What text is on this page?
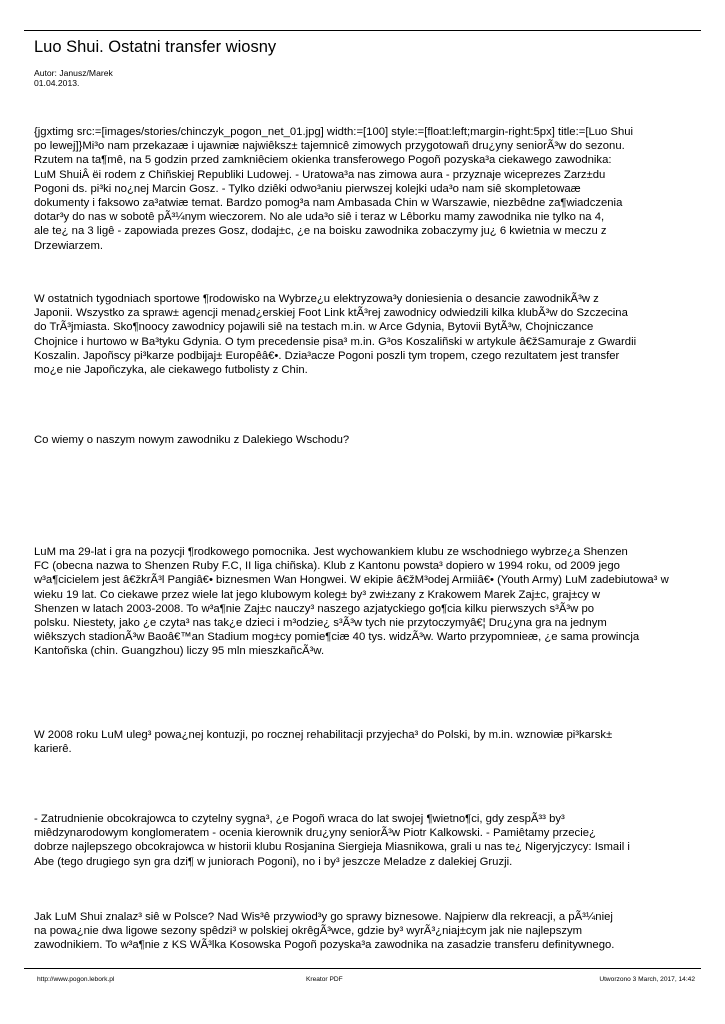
Luo Shui. Ostatni transfer wiosny
Autor: Janusz/Marek
01.04.2013.
{jgxtimg src:=[images/stories/chinczyk_pogon_net_01.jpg] width:=[100] style:=[float:left;margin-right:5px] title:=[Luo Shui
po lewej]}Mi³o nam przekazaæ i ujawniæ najwiêksz± tajemnicê zimowych przygotowañ dru¿yny seniorÃ³w do sezonu.
Rzutem na ta¶mê, na 5 godzin przed zamkniêciem okienka transferowego Pogoñ pozyska³a ciekawego zawodnika:
LuM ShuiÂ ëi rodem z Chiñskiej Republiki Ludowej. - Uratowa³a nas zimowa aura - przyznaje wiceprezes Zarz±du
Pogoni ds. pi³ki no¿nej Marcin Gosz. - Tylko dziêki odwo³aniu pierwszej kolejki uda³o nam siê skompletowaæ
dokumenty i faksowo za³atwiæ temat. Bardzo pomog³a nam Ambasada Chin w Warszawie, niezbêdne za¶wiadczenia
dotar³y do nas w sobotê pÃ³¼nym wieczorem. No ale uda³o siê i teraz w Lêborku mamy zawodnika nie tylko na 4,
ale te¿ na 3 ligê - zapowiada prezes Gosz, dodaj±c, ¿e na boisku zawodnika zobaczymy ju¿ 6 kwietnia w meczu z
Drzewiarzem.
W ostatnich tygodniach sportowe ¶rodowisko na Wybrze¿u elektryzowa³y doniesienia o desancie zawodnikÃ³w z
Japonii. Wszystko za spraw± agencji menad¿erskiej Foot Link ktÃ³rej zawodnicy odwiedzili kilka klubÃ³w do Szczecina
do TrÃ³jmiasta. Sko¶noocy zawodnicy pojawili siê na testach m.in. w Arce Gdynia, Bytovii BytÃ³w, Chojniczance
Chojnice i hurtowo w Ba³tyku Gdynia. O tym precedensie pisa³ m.in. G³os Koszaliñski w artykule â€žSamuraje z Gwardii
Koszalin. Japoñscy pi³karze podbijaj± Europêâ€•. Dzia³acze Pogoni poszli tym tropem, czego rezultatem jest transfer
mo¿e nie Japoñczyka, ale ciekawego futbolisty z Chin.
Co wiemy o naszym nowym zawodniku z Dalekiego Wschodu?
LuM ma 29-lat i gra na pozycji ¶rodkowego pomocnika. Jest wychowankiem klubu ze wschodniego wybrze¿a Shenzen
FC (obecna nazwa to Shenzen Ruby F.C, II liga chiñska). Klub z Kantonu powsta³ dopiero w 1994 roku, od 2009 jego
w³a¶cicielem jest â€žkrÃ³l Pangiâ€• biznesmen Wan Hongwei. W ekipie â€žM³odej Armiiâ€• (Youth Army) LuM zadebiutowa³ w
wieku 19 lat. Co ciekawe przez wiele lat jego klubowym koleg± by³ zwi±zany z Krakowem Marek Zaj±c, graj±cy w
Shenzen w latach 2003-2008. To w³a¶nie Zaj±c nauczy³ naszego azjatyckiego go¶cia kilku pierwszych s³Ã³w po
polsku. Niestety, jako ¿e czyta³ nas tak¿e dzieci i m³odzie¿ s³Ã³w tych nie przytoczymyâ€¦ Dru¿yna gra na jednym
wiêkszych stadionÃ³w Baoâ€™an Stadium mog±cy pomie¶ciæ 40 tys. widzÃ³w. Warto przypomnieæ, ¿e sama prowincja
Kantoñska (chin. Guangzhou) liczy 95 mln mieszkañcÃ³w.
W 2008 roku LuM uleg³ powa¿nej kontuzji, po rocznej rehabilitacji przyjecha³ do Polski, by m.in. wznowiæ pi³karsk±
karierê.
- Zatrudnienie obcokrajowca to czytelny sygna³, ¿e Pogoñ wraca do lat swojej ¶wietno¶ci, gdy zespÃ³³ by³
miêdzynarodowym konglomeratem - ocenia kierownik dru¿yny seniorÃ³w Piotr Kalkowski. - Pamiêtamy przecie¿
dobrze najlepszego obcokrajowca w historii klubu Rosjanina Siergieja Miasnikowa, grali u nas te¿ Nigeryjczycy: Ismail i
Abe (tego drugiego syn gra dzi¶ w juniorach Pogoni), no i by³ jeszcze Meladze z dalekiej Gruzji.
Jak LuM Shui znalaz³ siê w Polsce? Nad Wis³ê przywiod³y go sprawy biznesowe. Najpierw dla rekreacji, a pÃ³¼niej
na powa¿nie dwa ligowe sezony spêdzi³ w polskiej okrêgÃ³wce, gdzie by³ wyrÃ³¿niaj±cym jak nie najlepszym
zawodnikiem. To w³a¶nie z KS WÃ³lka Kosowska Pogoñ pozyska³a zawodnika na zasadzie transferu definitywnego.
http://www.pogon.lebork.pl	Kreator PDF	Utworzono 3 March, 2017, 14:42
